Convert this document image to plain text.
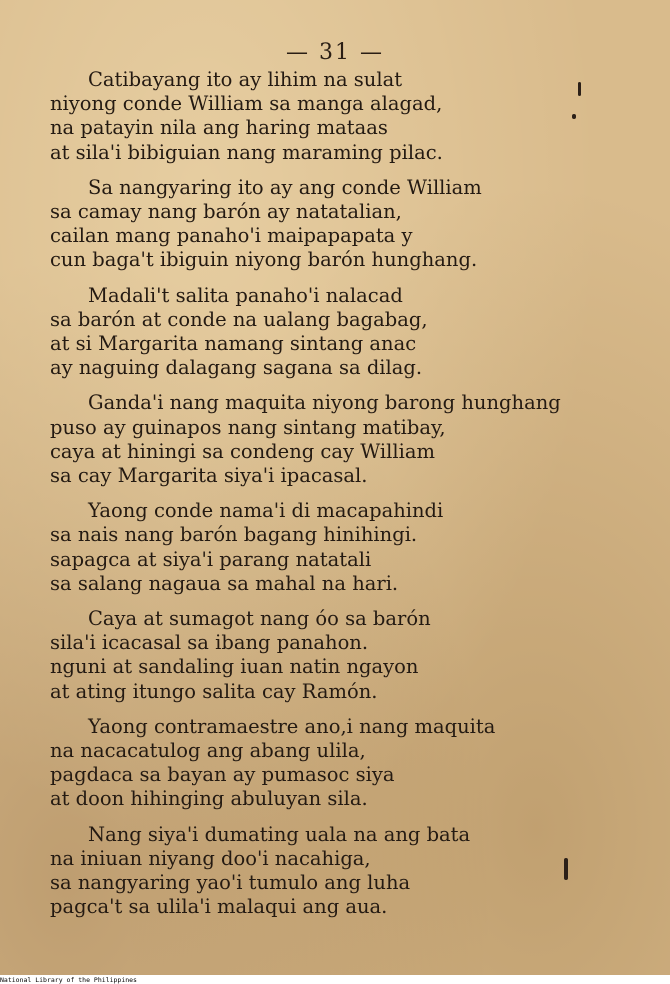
— 31 —
Catibayang ito ay lihim na sulat
niyong conde William sa manga alagad,
na patayin nila ang haring mataas
at sila'i bibiguian nang maraming pilac.
Sa nangyaring ito ay ang conde William
sa camay nang barón ay natatalian,
cailan mang panaho'i maipapapata y
cun baga't ibiguin niyong barón hunghang.
Madali't salita panaho'i nalacad
sa barón at conde na ualang bagabag,
at si Margarita namang sintang anac
ay naguing dalagang sagana sa dilag.
Ganda'i nang maquita niyong barong hunghang
puso ay guinapos nang sintang matibay,
caya at hiningi sa condeng cay William
sa cay Margarita siya'i ipacasal.
Yaong conde nama'i di macapahindi
sa nais nang barón bagang hinihingi.
sapagca at siya'i parang natatali
sa salang nagaua sa mahal na hari.
Caya at sumagot nang óo sa barón
sila'i icacasal sa ibang panahon.
nguni at sandaling iuan natin ngayon
at ating itungo salita cay Ramón.
Yaong contramaestre ano,i nang maquita
na nacacatulog ang abang ulila,
pagdaca sa bayan ay pumasoc siya
at doon hihinging abuluyan sila.
Nang siya'i dumating uala na ang bata
na iniuan niyang doo'i nacahiga,
sa nangyaring yao'i tumulo ang luha
pagca't sa ulila'i malaqui ang aua.
National Library of the Philippines
